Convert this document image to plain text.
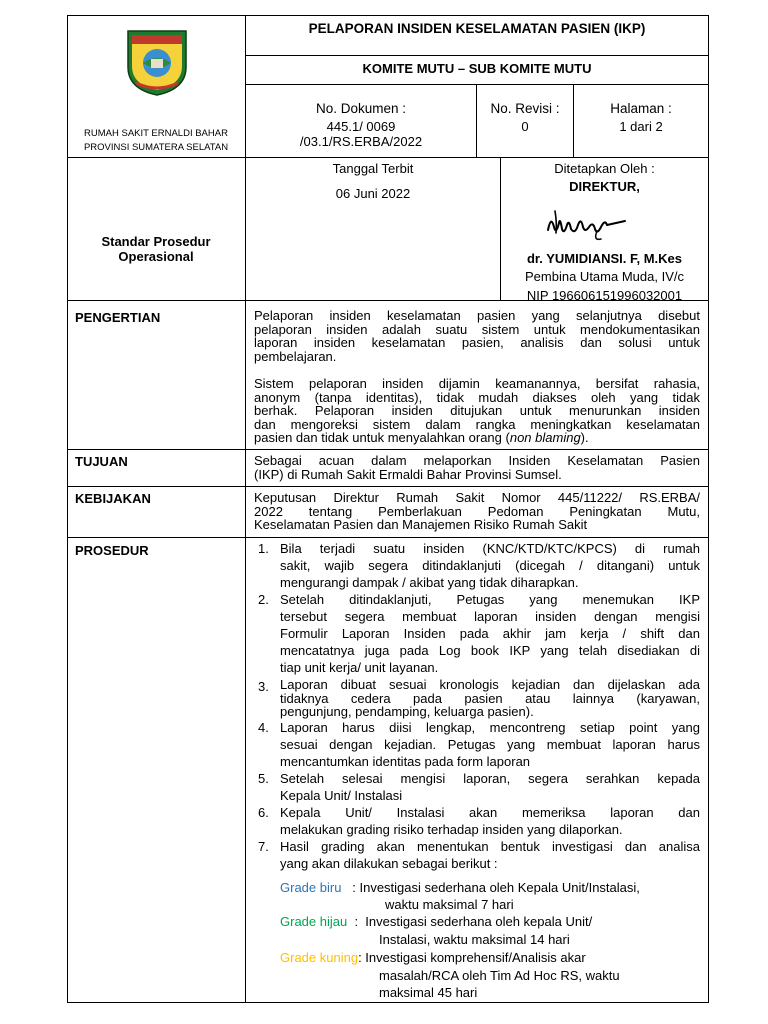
RUMAH SAKIT ERNALDI BAHAR
PROVINSI SUMATERA SELATAN
PELAPORAN INSIDEN KESELAMATAN PASIEN (IKP)
KOMITE MUTU – SUB KOMITE MUTU
No. Dokumen :
445.1/ 0069
/03.1/RS.ERBA/2022
No. Revisi :
0
Halaman :
1 dari 2
Standar Prosedur
Operasional
Tanggal Terbit
06 Juni 2022
Ditetapkan Oleh :
DIREKTUR,
dr. YUMIDIANSI. F, M.Kes
Pembina Utama Muda, IV/c
NIP 196606151996032001
PENGERTIAN	Pelaporan insiden keselamatan pasien yang selanjutnya disebut
pelaporan insiden adalah suatu sistem untuk mendokumentasikan
laporan insiden keselamatan pasien, analisis dan solusi untuk
pembelajaran.
Sistem pelaporan insiden dijamin keamanannya, bersifat rahasia,
anonym (tanpa identitas), tidak mudah diakses oleh yang tidak
berhak. Pelaporan insiden ditujukan untuk menurunkan insiden
dan mengoreksi sistem dalam rangka meningkatkan keselamatan
pasien dan tidak untuk menyalahkan orang (non blaming).
TUJUAN	Sebagai acuan dalam melaporkan Insiden Keselamatan Pasien
(IKP) di Rumah Sakit Ermaldi Bahar Provinsi Sumsel.
KEBIJAKAN	Keputusan Direktur Rumah Sakit Nomor 445/11222/ RS.ERBA/
2022 tentang Pemberlakuan Pedoman Peningkatan Mutu,
Keselamatan Pasien dan Manajemen Risiko Rumah Sakit
PROSEDUR	1. Bila terjadi suatu insiden (KNC/KTD/KTC/KPCS) di rumah
sakit, wajib segera ditindaklanjuti (dicegah / ditangani) untuk
mengurangi dampak / akibat yang tidak diharapkan.
2. Setelah ditindaklanjuti, Petugas yang menemukan IKP
tersebut segera membuat laporan insiden dengan mengisi
Formulir Laporan Insiden pada akhir jam kerja / shift dan
mencatatnya juga pada Log book IKP yang telah disediakan di
tiap unit kerja/ unit layanan.
3. Laporan dibuat sesuai kronologis kejadian dan dijelaskan ada
tidaknya cedera pada pasien atau lainnya (karyawan,
pengunjung, pendamping, keluarga pasien).
4. Laporan harus diisi lengkap, mencontreng setiap point yang
sesuai dengan kejadian. Petugas yang membuat laporan harus
mencantumkan identitas pada form laporan
5. Setelah selesai mengisi laporan, segera serahkan kepada
Kepala Unit/ Instalasi
6. Kepala Unit/ Instalasi akan memeriksa laporan dan
melakukan grading risiko terhadap insiden yang dilaporkan.
7. Hasil grading akan menentukan bentuk investigasi dan analisa
yang akan dilakukan sebagai berikut :
Grade biru   : Investigasi sederhana oleh Kepala Unit/Instalasi,
waktu maksimal 7 hari
Grade hijau  :  Investigasi sederhana oleh kepala Unit/
Instalasi, waktu maksimal 14 hari
Grade kuning: Investigasi komprehensif/Analisis akar
masalah/RCA oleh Tim Ad Hoc RS, waktu
maksimal 45 hari
